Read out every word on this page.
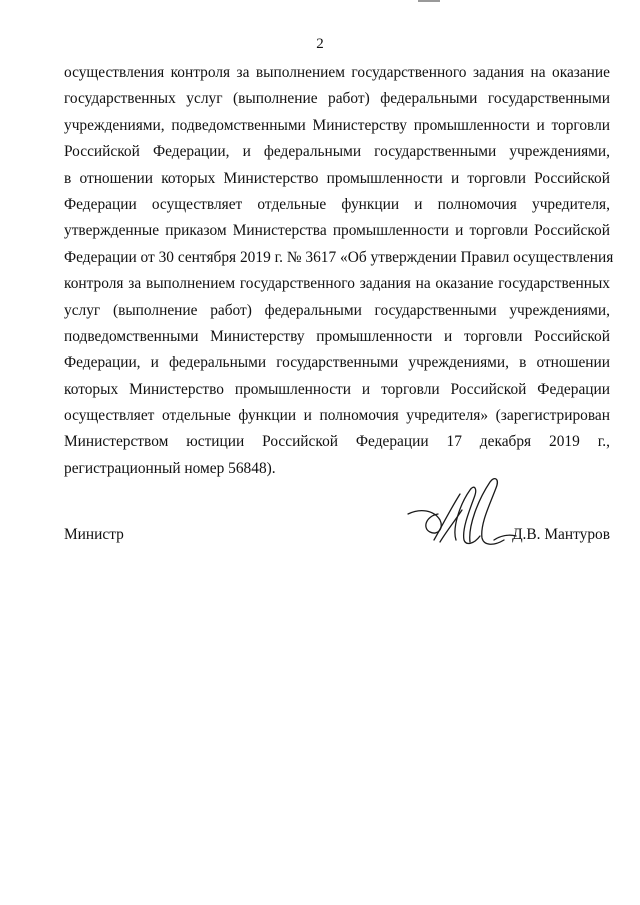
2
осуществления контроля за выполнением государственного задания на оказание
государственных услуг (выполнение работ) федеральными государственными
учреждениями, подведомственными Министерству промышленности и торговли
Российской Федерации, и федеральными государственными учреждениями,
в отношении которых Министерство промышленности и торговли Российской
Федерации осуществляет отдельные функции и полномочия учредителя,
утвержденные приказом Министерства промышленности и торговли Российской
Федерации от 30 сентября 2019 г. № 3617 «Об утверждении Правил осуществления
контроля за выполнением государственного задания на оказание государственных
услуг (выполнение работ) федеральными государственными учреждениями,
подведомственными Министерству промышленности и торговли Российской
Федерации, и федеральными государственными учреждениями, в отношении
которых Министерство промышленности и торговли Российской Федерации
осуществляет отдельные функции и полномочия учредителя» (зарегистрирован
Министерством юстиции Российской Федерации 17 декабря 2019 г.,
регистрационный номер 56848).
Министр	Д.В. Мантуров
